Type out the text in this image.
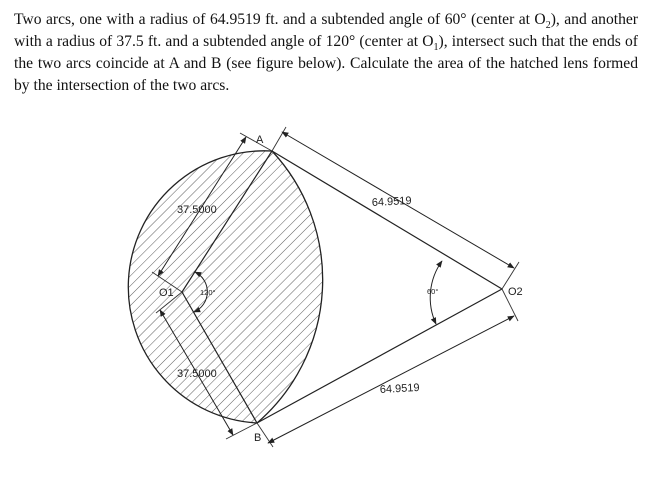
Two arcs, one with a radius of 64.9519 ft. and a subtended angle of 60° (center at $O_2$), and another with a radius of 37.5 ft. and a subtended angle of 120° (center at $O_1$), intersect such that the ends of the two arcs coincide at A and B (see figure below). Calculate the area of the hatched lens formed by the intersection of the two arcs.

A
B
O1	O2
37.5000
37.5000
64.9519
64.9519
120°	60°
